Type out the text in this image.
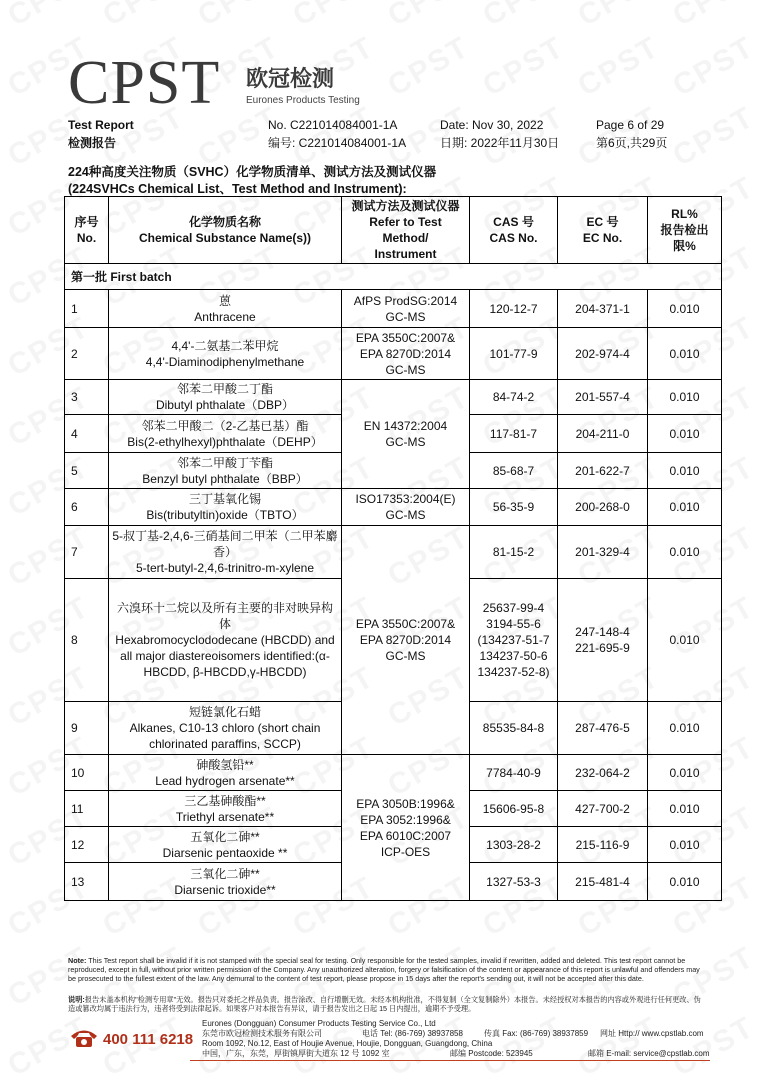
CPST 欧冠检测
Eurones Products Testing
Test Report
检测报告
No. C221014084001-1A
编号: C221014084001-1A
Date: Nov 30, 2022
日期: 2022年11月30日
Page 6 of 29
第6页,共29页
224种高度关注物质（SVHC）化学物质清单、测试方法及测试仪器
(224SVHCs Chemical List、Test Method and Instrument):
序号
No.	化学物质名称
Chemical Substance Name(s))	测试方法及测试仪器
Refer to Test Method/
Instrument	CAS 号
CAS No.	EC 号
EC No.	RL%
报告检出
限%

第一批 First batch					
1	蒽
Anthracene	AfPS ProdSG:2014
GC-MS	120-12-7	204-371-1	0.010
2	4,4'-二氨基二苯甲烷
4,4'-Diaminodiphenylmethane	EPA 3550C:2007&
EPA 8270D:2014
GC-MS	101-77-9	202-974-4	0.010
3	邻苯二甲酸二丁酯
Dibutyl phthalate（DBP）	EN 14372:2004
GC-MS	84-74-2	201-557-4	0.010
4	邻苯二甲酸二（2-乙基已基）酯
Bis(2-ethylhexyl)phthalate（DEHP）		117-81-7	204-211-0	0.010
5	邻苯二甲酸丁苄酯
Benzyl butyl phthalate（BBP）		85-68-7	201-622-7	0.010
6	三丁基氧化锡
Bis(tributyltin)oxide（TBTO）	ISO17353:2004(E)
GC-MS	56-35-9	200-268-0	0.010
7	5-叔丁基-2,4,6-三硝基间二甲苯（二甲苯麝香）
5-tert-butyl-2,4,6-trinitro-m-xylene	EPA 3550C:2007&
EPA 8270D:2014
GC-MS	81-15-2	201-329-4	0.010
8	六溴环十二烷以及所有主要的非对映异构体
Hexabromocyclododecane (HBCDD) and all major diastereoisomers identified:(α-HBCDD, β-HBCDD,γ-HBCDD)		25637-99-4
3194-55-6
(134237-51-7
134237-50-6
134237-52-8)	247-148-4
221-695-9	0.010
9	短链氯化石蜡
Alkanes, C10-13 chloro (short chain chlorinated paraffins, SCCP)		85535-84-8	287-476-5	0.010
10	砷酸氢铅**
Lead hydrogen arsenate**	EPA 3050B:1996&
EPA 3052:1996&
EPA 6010C:2007
ICP-OES	7784-40-9	232-064-2	0.010
11	三乙基砷酸酯**
Triethyl arsenate**		15606-95-8	427-700-2	0.010
12	五氧化二砷**
Diarsenic pentaoxide **		1303-28-2	215-116-9	0.010
13	三氧化二砷**
Diarsenic trioxide**		1327-53-3	215-481-4	0.010
Note: This Test report shall be invalid if it is not stamped with the special seal for testing. Only responsible for the tested samples, invalid if rewritten, added and deleted. This test report cannot be reproduced, except in full, without prior written permission of the Company. Any unauthorized alteration, forgery or falsification of the content or appearance of this report is unlawful and offenders may be prosecuted to the fullest extent of the law. Any demurral to the content of test report, please propose in 15 days after the report's sending out, it will not be accepted after this date.
说明:报告未盖本机构"检测专用章"无效。报告只对委托之样品负责。报告涂改、自行增删无效。未经本机构批准，不得复制（全文复制除外）本报告。未经授权对本报告的内容或外观进行任何更改、伪造或篡改均属于违法行为，违者将受到法律起诉。如果客户对本报告有异议，请于报告发出之日起 15 日内提出，逾期不予受理。
400 111 6218
Eurones (Dongguan) Consumer Products Testing Service Co., Ltd
东莞市欧冠检测技术服务有限公司	电话 Tel: (86-769) 38937858	传真 Fax: (86-769) 38937859 网址 Http:// www.cpstlab.com
Room 1092, No.12, East of Houjie Avenue, Houjie, Dongguan, Guangdong, China
中国，广东，东莞，厚街镇厚街大道东 12 号 1092 室	邮编 Postcode: 523945	邮箱 E-mail: service@cpstlab.com
